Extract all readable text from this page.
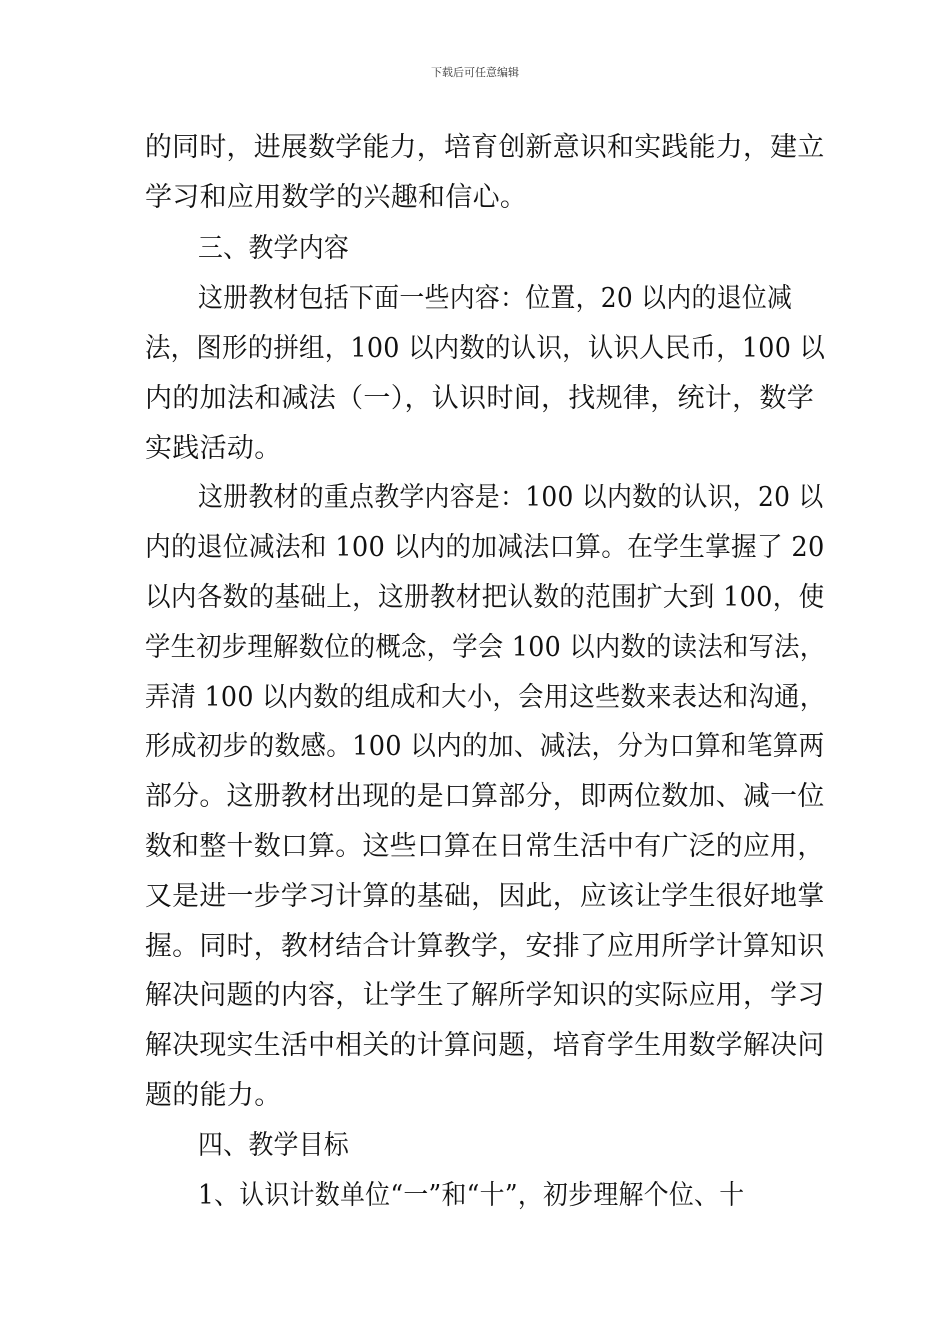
下载后可任意编辑
的同时，进展数学能力，培育创新意识和实践能力，建立
学习和应用数学的兴趣和信心。
三、教学内容
这册教材包括下面一些内容：位置，20 以内的退位减
法，图形的拼组，100 以内数的认识，认识人民币，100 以
内的加法和减法（一），认识时间，找规律，统计，数学
实践活动。
这册教材的重点教学内容是：100 以内数的认识，20 以
内的退位减法和 100 以内的加减法口算。在学生掌握了 20
以内各数的基础上，这册教材把认数的范围扩大到 100，使
学生初步理解数位的概念，学会 100 以内数的读法和写法，
弄清 100 以内数的组成和大小，会用这些数来表达和沟通，
形成初步的数感。100 以内的加、减法，分为口算和笔算两
部分。这册教材出现的是口算部分，即两位数加、减一位
数和整十数口算。这些口算在日常生活中有广泛的应用，
又是进一步学习计算的基础，因此，应该让学生很好地掌
握。同时，教材结合计算教学，安排了应用所学计算知识
解决问题的内容，让学生了解所学知识的实际应用，学习
解决现实生活中相关的计算问题，培育学生用数学解决问
题的能力。
四、教学目标
1、认识计数单位“一”和“十”，初步理解个位、十
